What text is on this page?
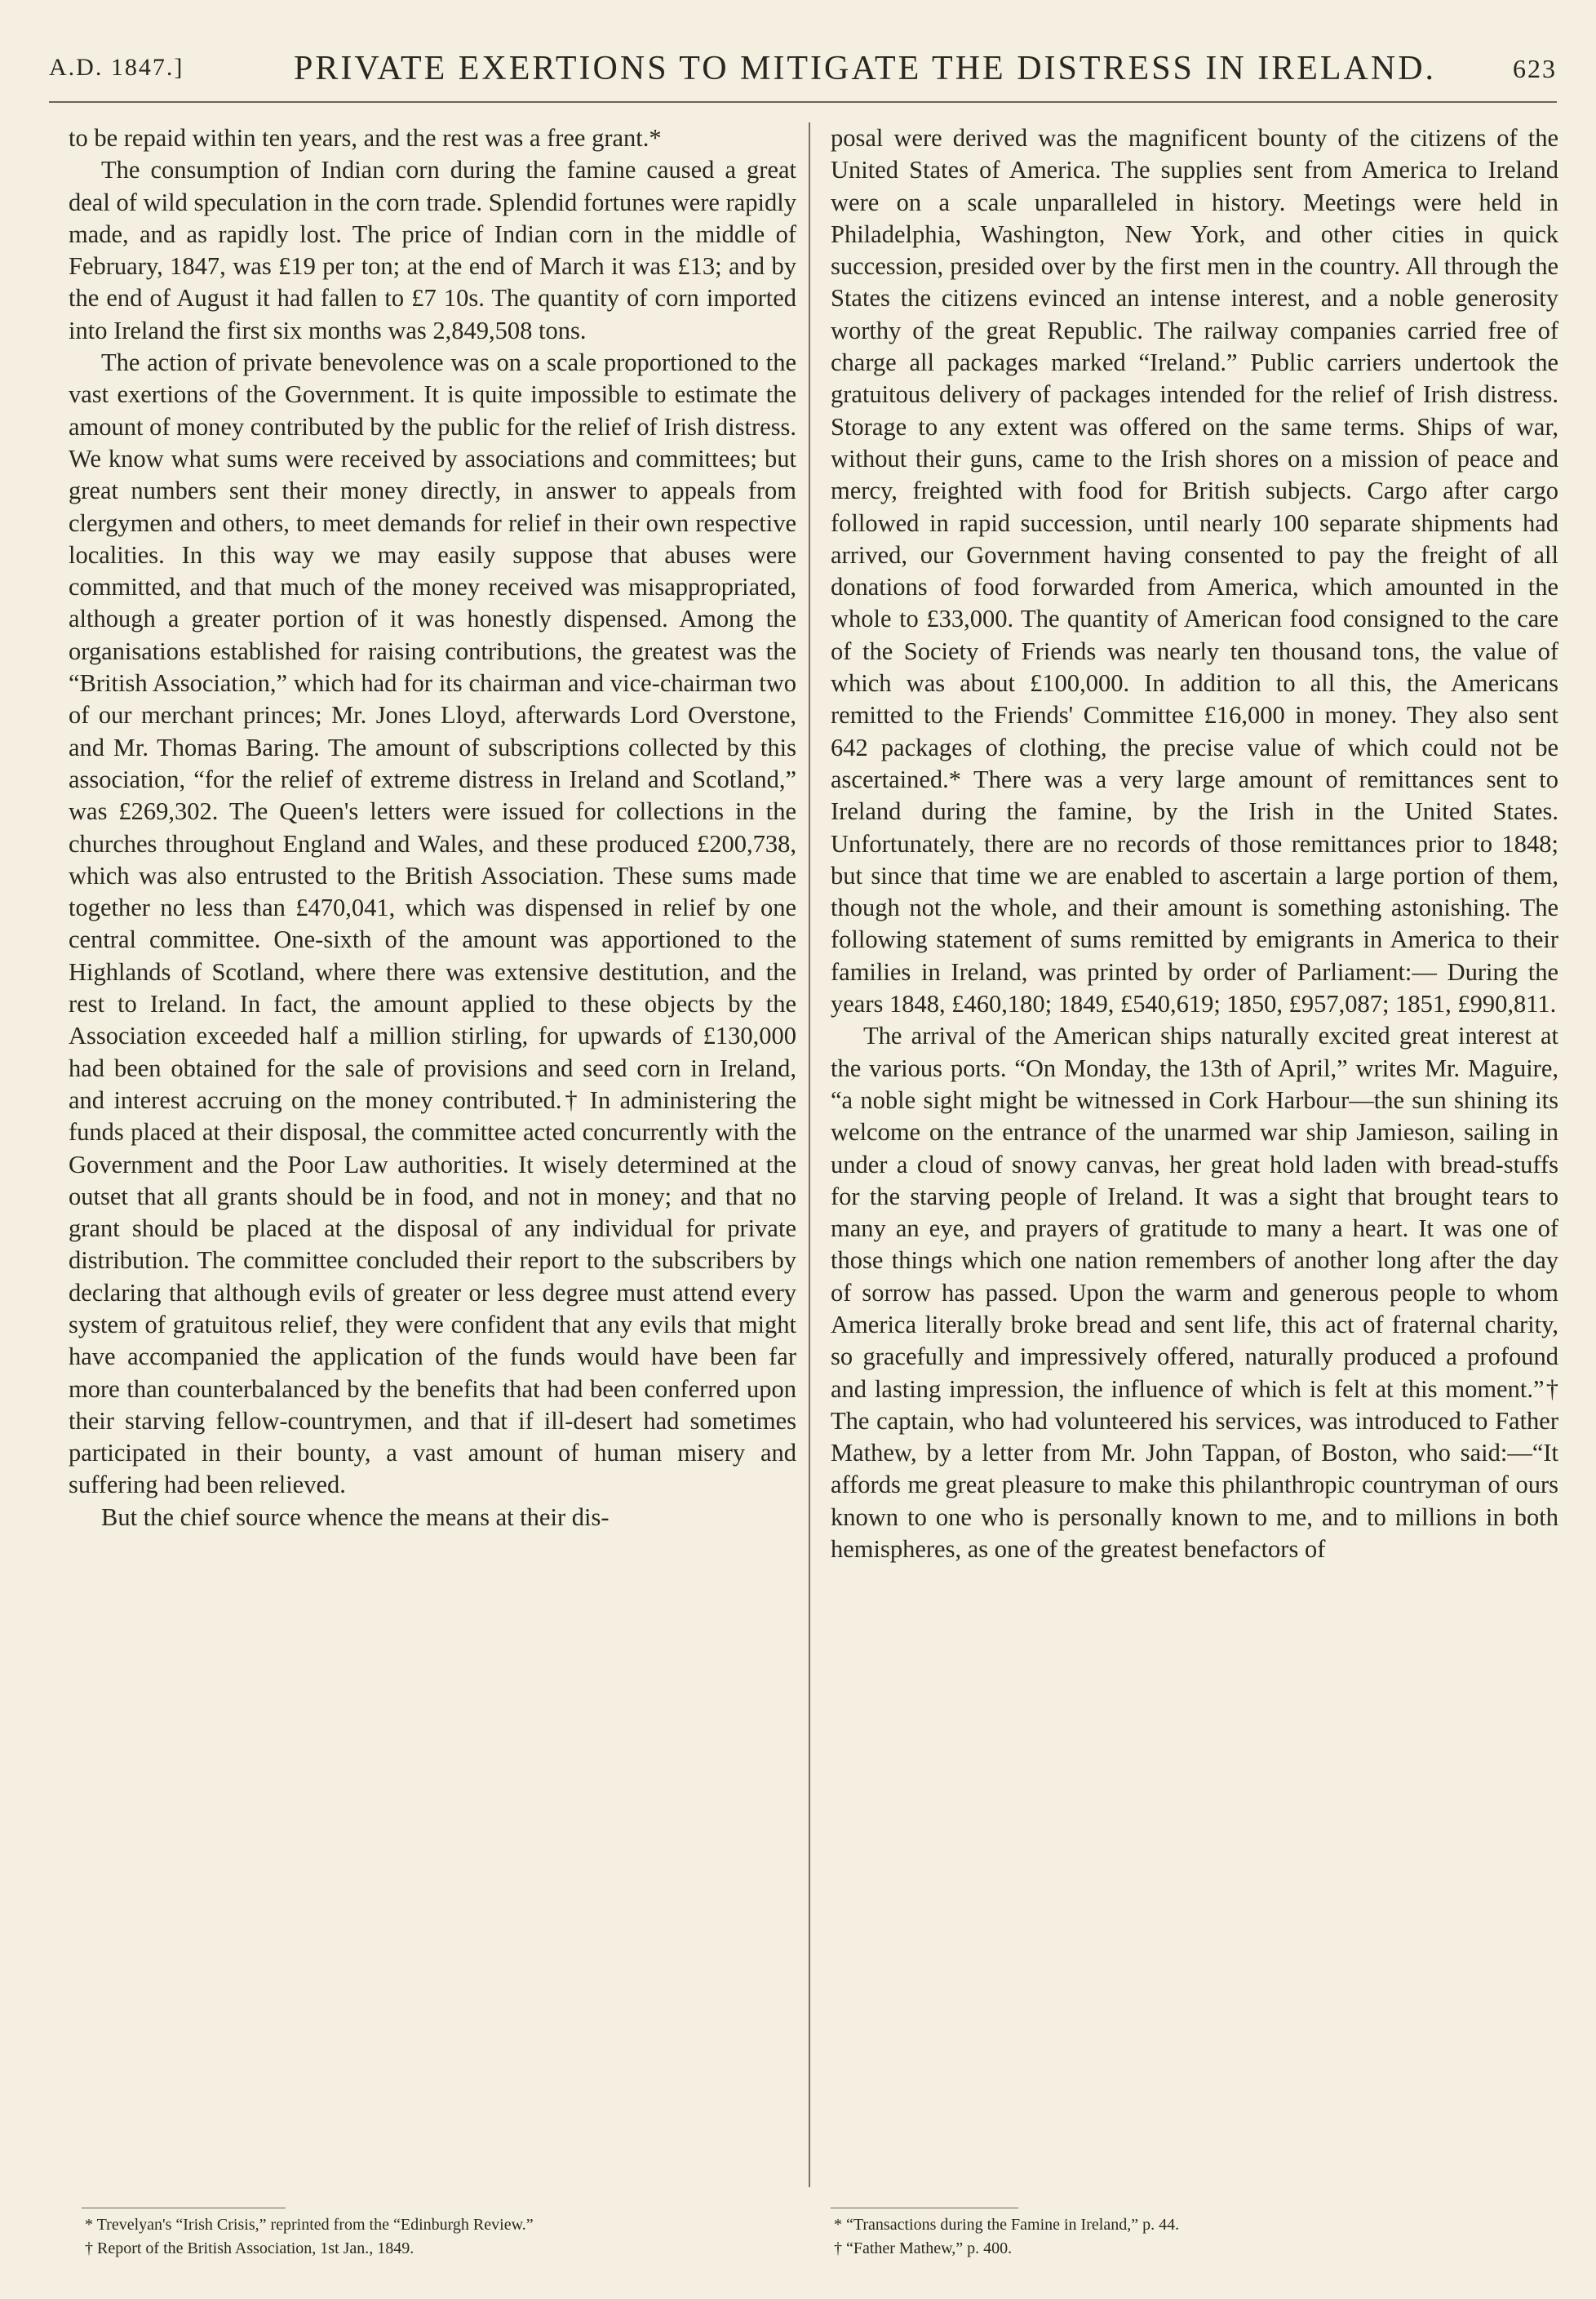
A.D. 1847.]	PRIVATE EXERTIONS TO MITIGATE THE DISTRESS IN IRELAND.	623

to be repaid within ten years, and the rest was a free grant.*

The consumption of Indian corn during the famine caused a great deal of wild speculation in the corn trade. Splendid fortunes were rapidly made, and as rapidly lost. The price of Indian corn in the middle of February, 1847, was £19 per ton; at the end of March it was £13; and by the end of August it had fallen to £7 10s. The quantity of corn imported into Ireland the first six months was 2,849,508 tons.

The action of private benevolence was on a scale proportioned to the vast exertions of the Government. It is quite impossible to estimate the amount of money contributed by the public for the relief of Irish distress. We know what sums were received by associations and committees; but great numbers sent their money directly, in answer to appeals from clergymen and others, to meet demands for relief in their own respective localities. In this way we may easily suppose that abuses were committed, and that much of the money received was misappropriated, although a greater portion of it was honestly dispensed. Among the organisations established for raising contributions, the greatest was the “British Association,” which had for its chairman and vice-chairman two of our merchant princes; Mr. Jones Lloyd, afterwards Lord Overstone, and Mr. Thomas Baring. The amount of subscriptions collected by this association, “for the relief of extreme distress in Ireland and Scotland,” was £269,302. The Queen's letters were issued for collections in the churches throughout England and Wales, and these produced £200,738, which was also entrusted to the British Association. These sums made together no less than £470,041, which was dispensed in relief by one central committee. One-sixth of the amount was apportioned to the Highlands of Scotland, where there was extensive destitution, and the rest to Ireland. In fact, the amount applied to these objects by the Association exceeded half a million stirling, for upwards of £130,000 had been obtained for the sale of provisions and seed corn in Ireland, and interest accruing on the money contributed.† In administering the funds placed at their disposal, the committee acted concurrently with the Government and the Poor Law authorities. It wisely determined at the outset that all grants should be in food, and not in money; and that no grant should be placed at the disposal of any individual for private distribution. The committee concluded their report to the subscribers by declaring that although evils of greater or less degree must attend every system of gratuitous relief, they were confident that any evils that might have accompanied the application of the funds would have been far more than counterbalanced by the benefits that had been conferred upon their starving fellow-countrymen, and that if ill-desert had sometimes participated in their bounty, a vast amount of human misery and suffering had been relieved.

But the chief source whence the means at their dis-

posal were derived was the magnificent bounty of the citizens of the United States of America. The supplies sent from America to Ireland were on a scale unparalleled in history. Meetings were held in Philadelphia, Washington, New York, and other cities in quick succession, presided over by the first men in the country. All through the States the citizens evinced an intense interest, and a noble generosity worthy of the great Republic. The railway companies carried free of charge all packages marked “Ireland.” Public carriers undertook the gratuitous delivery of packages intended for the relief of Irish distress. Storage to any extent was offered on the same terms. Ships of war, without their guns, came to the Irish shores on a mission of peace and mercy, freighted with food for British subjects. Cargo after cargo followed in rapid succession, until nearly 100 separate shipments had arrived, our Government having consented to pay the freight of all donations of food forwarded from America, which amounted in the whole to £33,000. The quantity of American food consigned to the care of the Society of Friends was nearly ten thousand tons, the value of which was about £100,000. In addition to all this, the Americans remitted to the Friends' Committee £16,000 in money. They also sent 642 packages of clothing, the precise value of which could not be ascertained.* There was a very large amount of remittances sent to Ireland during the famine, by the Irish in the United States. Unfortunately, there are no records of those remittances prior to 1848; but since that time we are enabled to ascertain a large portion of them, though not the whole, and their amount is something astonishing. The following statement of sums remitted by emigrants in America to their families in Ireland, was printed by order of Parliament:— During the years 1848, £460,180; 1849, £540,619; 1850, £957,087; 1851, £990,811.

The arrival of the American ships naturally excited great interest at the various ports. “On Monday, the 13th of April,” writes Mr. Maguire, “a noble sight might be witnessed in Cork Harbour—the sun shining its welcome on the entrance of the unarmed war ship Jamieson, sailing in under a cloud of snowy canvas, her great hold laden with bread-stuffs for the starving people of Ireland. It was a sight that brought tears to many an eye, and prayers of gratitude to many a heart. It was one of those things which one nation remembers of another long after the day of sorrow has passed. Upon the warm and generous people to whom America literally broke bread and sent life, this act of fraternal charity, so gracefully and impressively offered, naturally produced a profound and lasting impression, the influence of which is felt at this moment.”† The captain, who had volunteered his services, was introduced to Father Mathew, by a letter from Mr. John Tappan, of Boston, who said:—“It affords me great pleasure to make this philanthropic countryman of ours known to one who is personally known to me, and to millions in both hemispheres, as one of the greatest benefactors of

* Trevelyan's “Irish Crisis,” reprinted from the “Edinburgh Review.”

† Report of the British Association, 1st Jan., 1849.

* “Transactions during the Famine in Ireland,” p. 44.

† “Father Mathew,” p. 400.
